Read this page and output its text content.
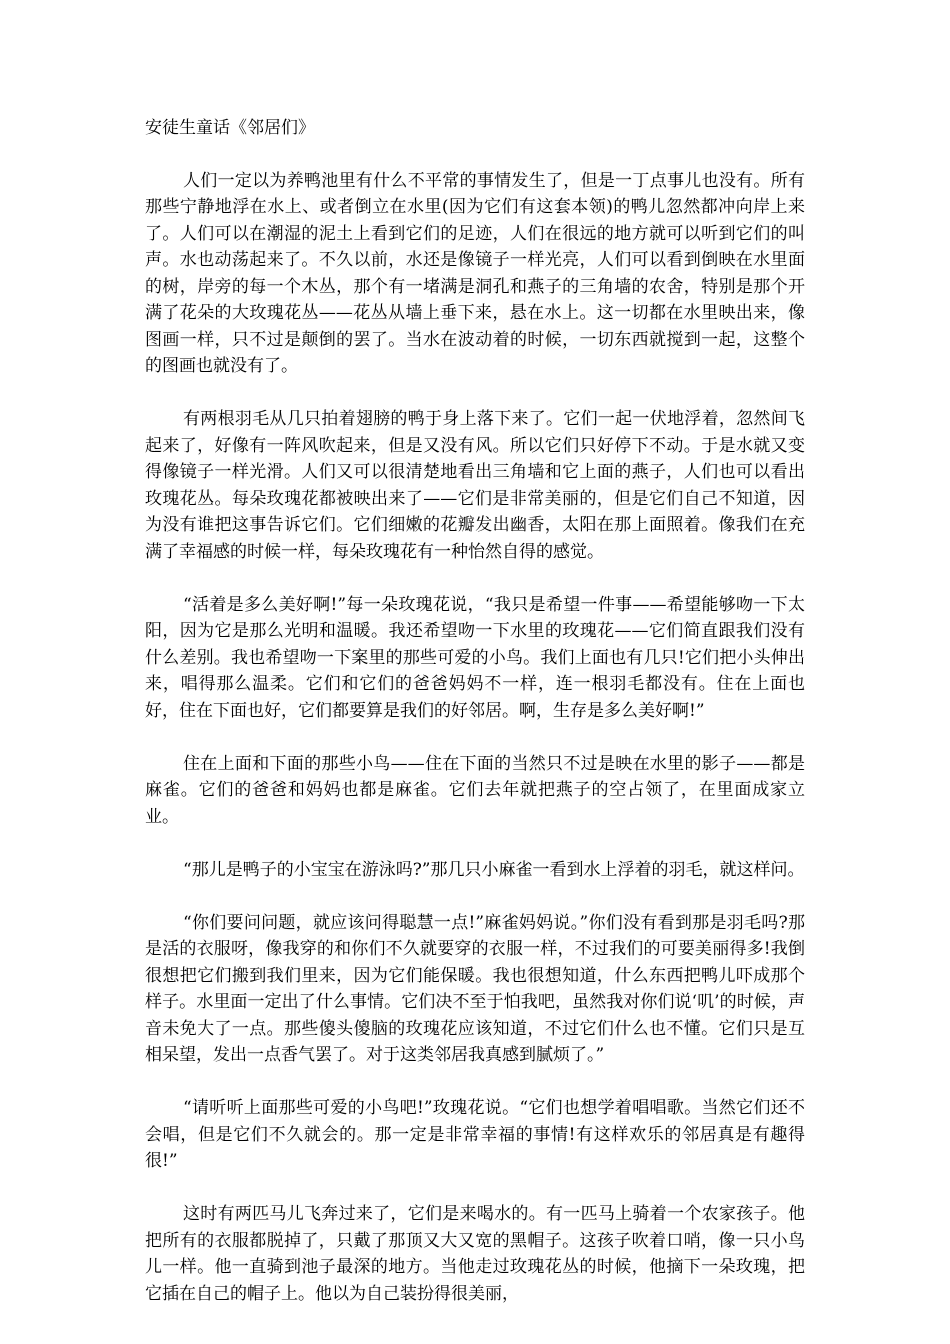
安徒生童话《邻居们》

人们一定以为养鸭池里有什么不平常的事情发生了，但是一丁点事儿也没有。所有那些宁静地浮在水上、或者倒立在水里(因为它们有这套本领)的鸭儿忽然都冲向岸上来了。人们可以在潮湿的泥土上看到它们的足迹，人们在很远的地方就可以听到它们的叫声。水也动荡起来了。不久以前，水还是像镜子一样光亮，人们可以看到倒映在水里面的树，岸旁的每一个木丛，那个有一堵满是洞孔和燕子的三角墙的农舍，特别是那个开满了花朵的大玫瑰花丛——花丛从墙上垂下来，悬在水上。这一切都在水里映出来，像图画一样，只不过是颠倒的罢了。当水在波动着的时候，一切东西就搅到一起，这整个的图画也就没有了。

有两根羽毛从几只拍着翅膀的鸭于身上落下来了。它们一起一伏地浮着，忽然间飞起来了，好像有一阵风吹起来，但是又没有风。所以它们只好停下不动。于是水就又变得像镜子一样光滑。人们又可以很清楚地看出三角墙和它上面的燕子，人们也可以看出玫瑰花丛。每朵玫瑰花都被映出来了——它们是非常美丽的，但是它们自己不知道，因为没有谁把这事告诉它们。它们细嫩的花瓣发出幽香，太阳在那上面照着。像我们在充满了幸福感的时候一样，每朵玫瑰花有一种怡然自得的感觉。

“活着是多么美好啊!”每一朵玫瑰花说，“我只是希望一件事——希望能够吻一下太阳，因为它是那么光明和温暖。我还希望吻一下水里的玫瑰花——它们简直跟我们没有什么差别。我也希望吻一下案里的那些可爱的小鸟。我们上面也有几只!它们把小头伸出来，唱得那么温柔。它们和它们的爸爸妈妈不一样，连一根羽毛都没有。住在上面也好，住在下面也好，它们都要算是我们的好邻居。啊，生存是多么美好啊!”

住在上面和下面的那些小鸟——住在下面的当然只不过是映在水里的影子——都是麻雀。它们的爸爸和妈妈也都是麻雀。它们去年就把燕子的空占领了，在里面成家立业。

“那儿是鸭子的小宝宝在游泳吗?”那几只小麻雀一看到水上浮着的羽毛，就这样问。

“你们要问问题，就应该问得聪慧一点!”麻雀妈妈说。”你们没有看到那是羽毛吗?那是活的衣服呀，像我穿的和你们不久就要穿的衣服一样，不过我们的可要美丽得多!我倒很想把它们搬到我们里来，因为它们能保暖。我也很想知道，什么东西把鸭儿吓成那个样子。水里面一定出了什么事情。它们决不至于怕我吧，虽然我对你们说‘叽’的时候，声音未免大了一点。那些傻头傻脑的玫瑰花应该知道，不过它们什么也不懂。它们只是互相呆望，发出一点香气罢了。对于这类邻居我真感到腻烦了。”

“请听听上面那些可爱的小鸟吧!”玫瑰花说。“它们也想学着唱唱歌。当然它们还不会唱，但是它们不久就会的。那一定是非常幸福的事情!有这样欢乐的邻居真是有趣得很!”

这时有两匹马儿飞奔过来了，它们是来喝水的。有一匹马上骑着一个农家孩子。他把所有的衣服都脱掉了，只戴了那顶又大又宽的黑帽子。这孩子吹着口哨，像一只小鸟儿一样。他一直骑到池子最深的地方。当他走过玫瑰花丛的时候，他摘下一朵玫瑰，把它插在自己的帽子上。他以为自己装扮得很美丽，
